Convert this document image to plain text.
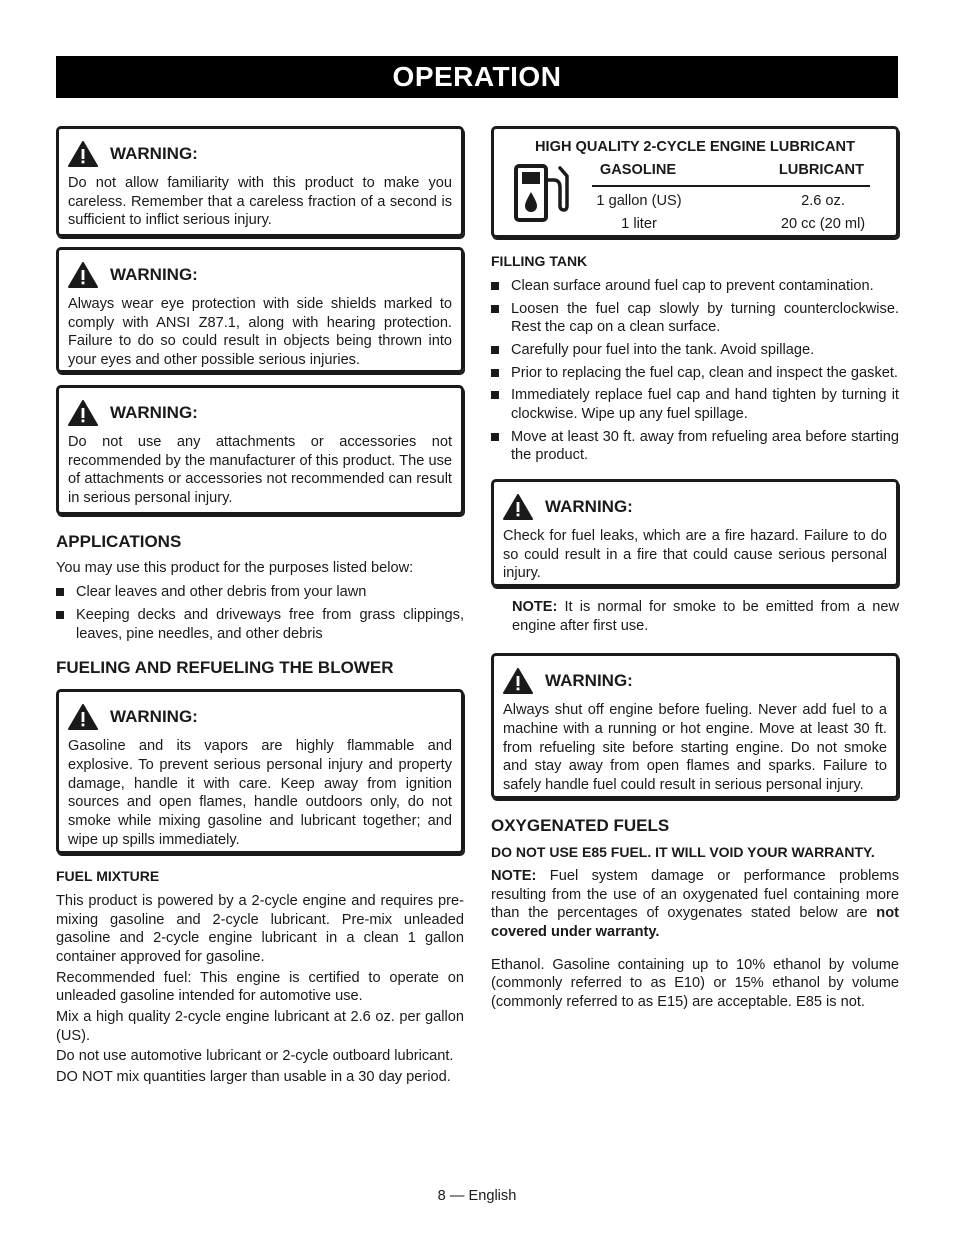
OPERATION
WARNING:
Do not allow familiarity with this product to make you careless. Remember that a careless fraction of a second is sufficient to inflict serious injury.
WARNING:
Always wear eye protection with side shields marked to comply with ANSI Z87.1, along with hearing protection. Failure to do so could result in objects being thrown into your eyes and other possible serious injuries.
WARNING:
Do not use any attachments or accessories not recommended by the manufacturer of this product. The use of attachments or accessories not recommended can result in serious personal injury.
APPLICATIONS
You may use this product for the purposes listed below:
Clear leaves and other debris from your lawn
Keeping decks and driveways free from grass clippings, leaves, pine needles, and other debris
FUELING AND REFUELING THE BLOWER
WARNING:
Gasoline and its vapors are highly flammable and explosive. To prevent serious personal injury and property damage, handle it with care. Keep away from ignition sources and open flames, handle outdoors only, do not smoke while mixing gasoline and lubricant together; and wipe up spills immediately.
FUEL MIXTURE
This product is powered by a 2-cycle engine and requires pre-mixing gasoline and 2-cycle lubricant. Pre-mix unleaded gasoline and 2-cycle engine lubricant in a clean 1 gallon container approved for gasoline.
Recommended fuel: This engine is certified to operate on unleaded gasoline intended for automotive use.
Mix a high quality 2-cycle engine lubricant at 2.6 oz. per gallon (US).
Do not use automotive lubricant or 2-cycle outboard lubricant.
DO NOT mix quantities larger than usable in a 30 day period.
HIGH QUALITY 2-CYCLE ENGINE LUBRICANT
GASOLINE	LUBRICANT
1 gallon (US)	2.6 oz.
1 liter	20 cc (20 ml)
FILLING TANK
Clean surface around fuel cap to prevent contamination.
Loosen the fuel cap slowly by turning counterclockwise. Rest the cap on a clean surface.
Carefully pour fuel into the tank. Avoid spillage.
Prior to replacing the fuel cap, clean and inspect the gasket.
Immediately replace fuel cap and hand tighten by turning it clockwise. Wipe up any fuel spillage.
Move at least 30 ft. away from refueling area before starting the product.
WARNING:
Check for fuel leaks, which are a fire hazard. Failure to do so could result in a fire that could cause serious personal injury.
NOTE: It is normal for smoke to be emitted from a new engine after first use.
WARNING:
Always shut off engine before fueling. Never add fuel to a machine with a running or hot engine. Move at least 30 ft. from refueling site before starting engine. Do not smoke and stay away from open flames and sparks. Failure to safely handle fuel could result in serious personal injury.
OXYGENATED FUELS
DO NOT USE E85 FUEL. IT WILL VOID YOUR WARRANTY.
NOTE: Fuel system damage or performance problems resulting from the use of an oxygenated fuel containing more than the percentages of oxygenates stated below are not covered under warranty.
Ethanol. Gasoline containing up to 10% ethanol by volume (commonly referred to as E10) or 15% ethanol by volume (commonly referred to as E15) are acceptable. E85 is not.
8 — English
